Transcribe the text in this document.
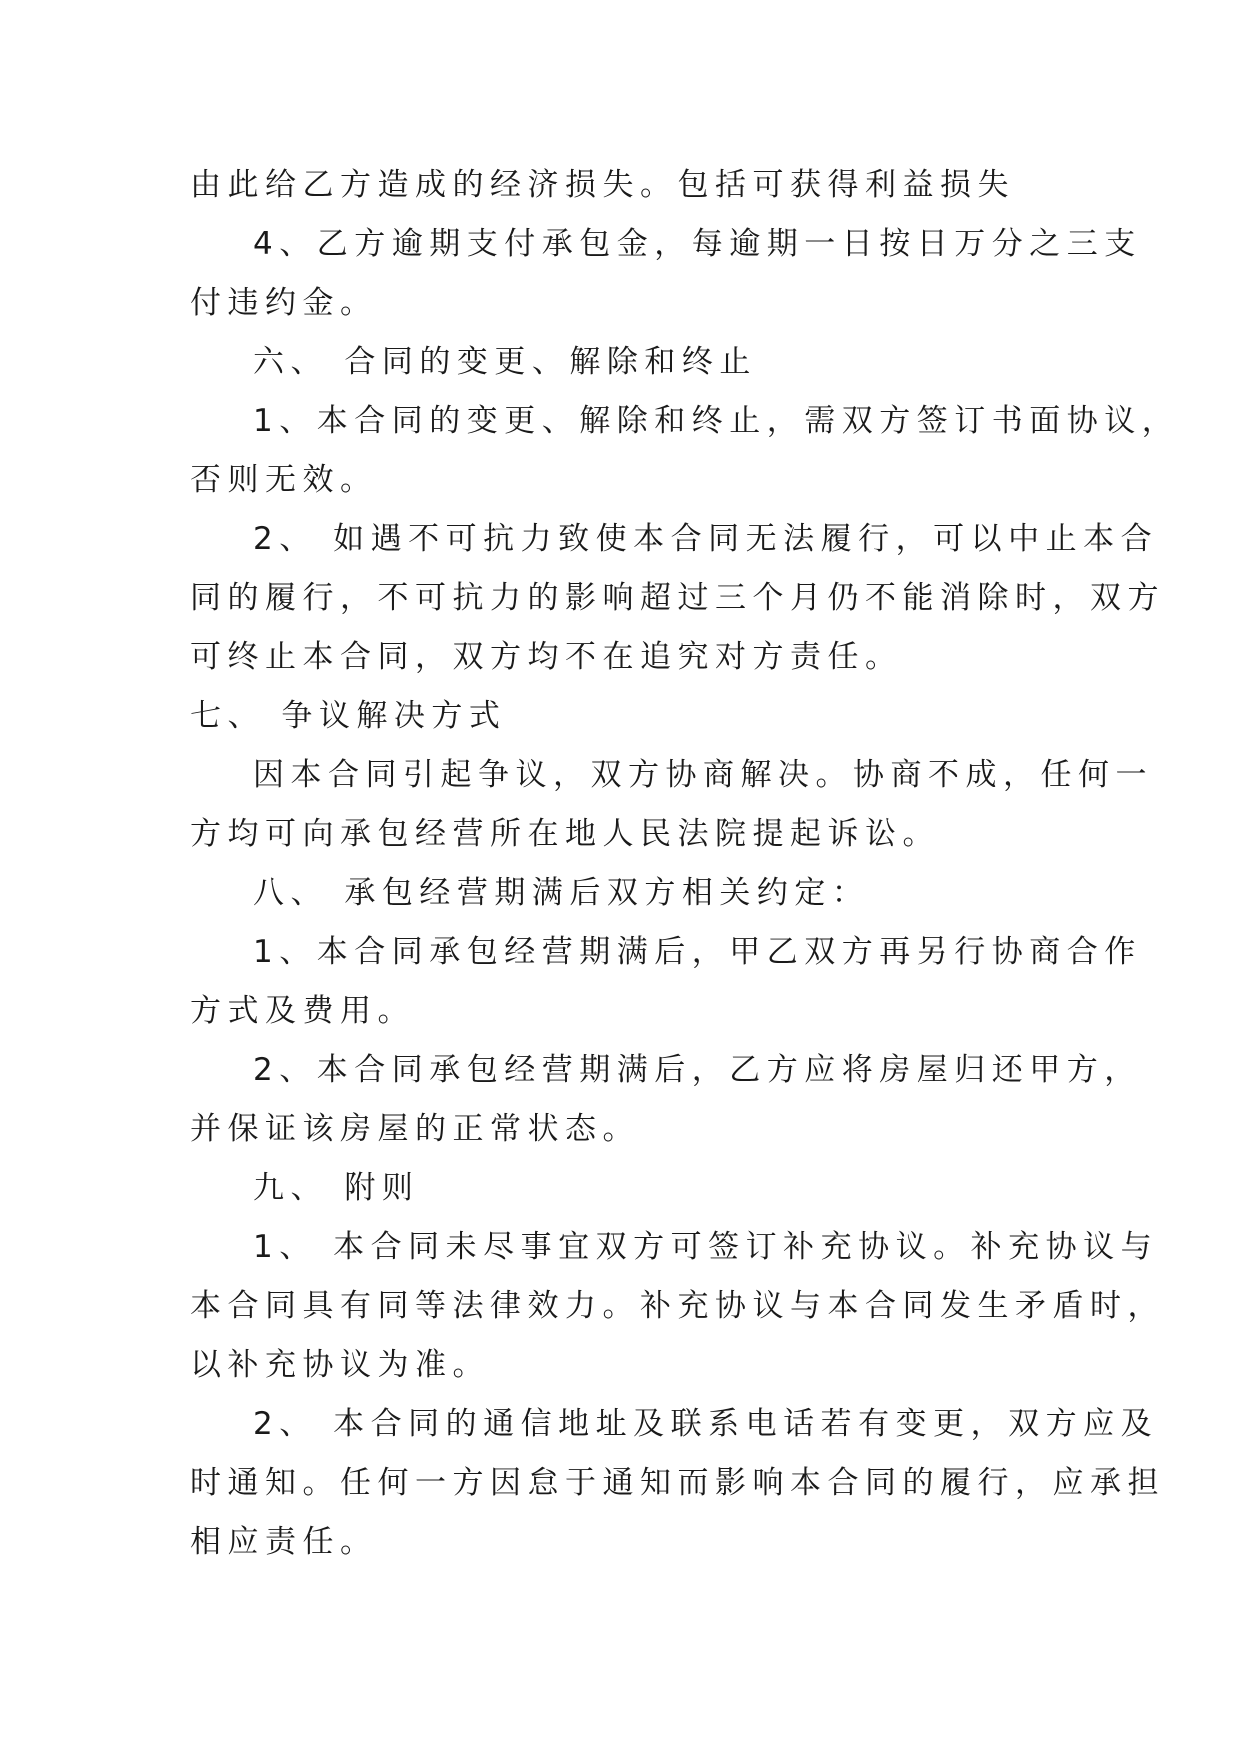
由此给乙方造成的经济损失。包括可获得利益损失
4、乙方逾期支付承包金，每逾期一日按日万分之三支
付违约金。
六、 合同的变更、解除和终止
1、本合同的变更、解除和终止，需双方签订书面协议，
否则无效。
2、 如遇不可抗力致使本合同无法履行，可以中止本合
同的履行，不可抗力的影响超过三个月仍不能消除时，双方
可终止本合同，双方均不在追究对方责任。
七、 争议解决方式
因本合同引起争议，双方协商解决。协商不成，任何一
方均可向承包经营所在地人民法院提起诉讼。
八、 承包经营期满后双方相关约定：
1、本合同承包经营期满后，甲乙双方再另行协商合作
方式及费用。
2、本合同承包经营期满后，乙方应将房屋归还甲方，
并保证该房屋的正常状态。
九、 附则
1、 本合同未尽事宜双方可签订补充协议。补充协议与
本合同具有同等法律效力。补充协议与本合同发生矛盾时，
以补充协议为准。
2、 本合同的通信地址及联系电话若有变更，双方应及
时通知。任何一方因怠于通知而影响本合同的履行，应承担
相应责任。
